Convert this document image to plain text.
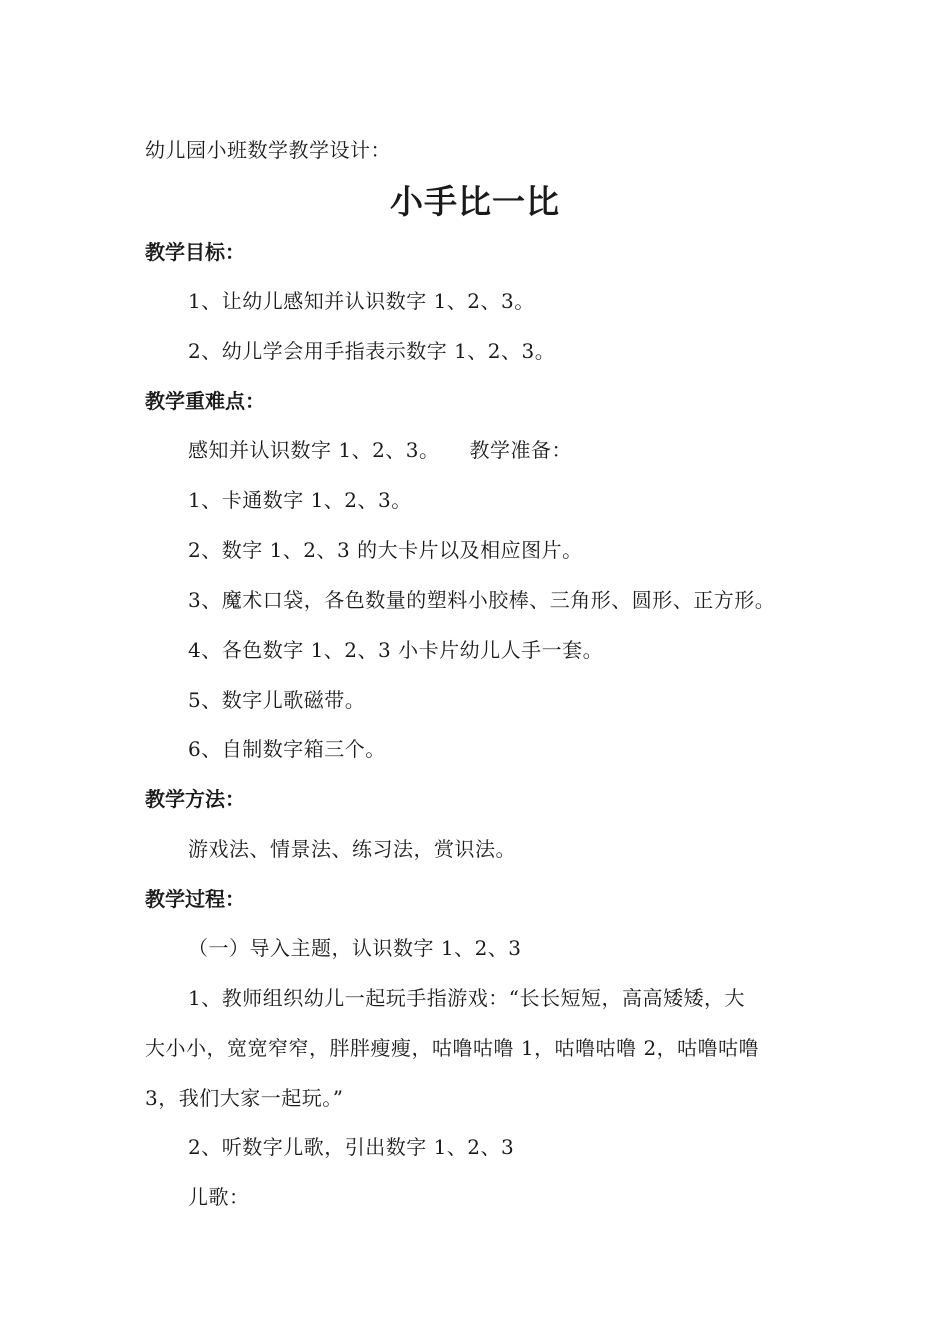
幼儿园小班数学教学设计：
小手比一比
教学目标：
1、让幼儿感知并认识数字 1、2、3。
2、幼儿学会用手指表示数字 1、2、3。
教学重难点：
感知并认识数字 1、2、3。 教学准备：
1、卡通数字 1、2、3。
2、数字 1、2、3 的大卡片以及相应图片。
3、魔术口袋，各色数量的塑料小胶棒、三角形、圆形、正方形。
4、各色数字 1、2、3 小卡片幼儿人手一套。
5、数字儿歌磁带。
6、自制数字箱三个。
教学方法：
游戏法、情景法、练习法，赏识法。
教学过程：
（一）导入主题，认识数字 1、2、3
1、教师组织幼儿一起玩手指游戏：“长长短短，高高矮矮，大
大小小，宽宽窄窄，胖胖瘦瘦，咕噜咕噜 1，咕噜咕噜 2，咕噜咕噜
3，我们大家一起玩。”
2、听数字儿歌，引出数字 1、2、3
儿歌：
